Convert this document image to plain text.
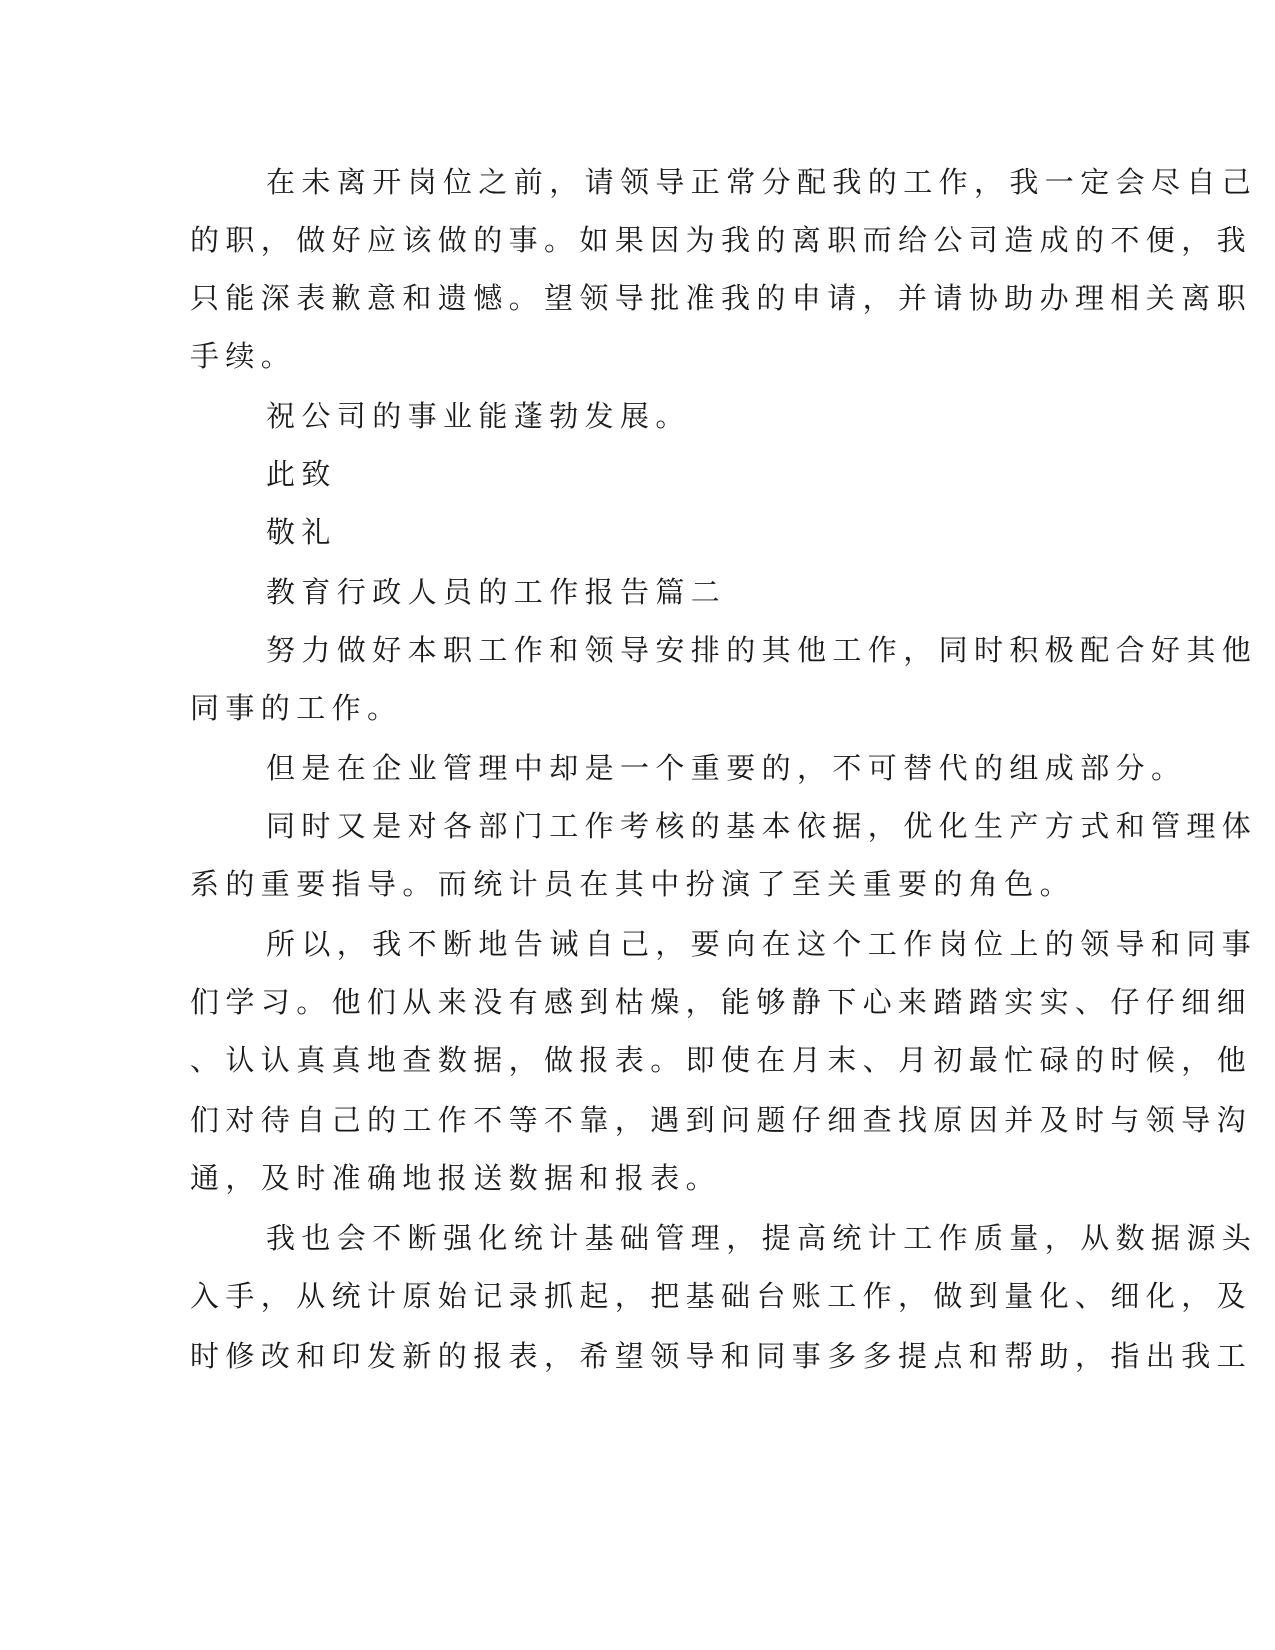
在未离开岗位之前，请领导正常分配我的工作，我一定会尽自己

的职，做好应该做的事。如果因为我的离职而给公司造成的不便，我

只能深表歉意和遗憾。望领导批准我的申请，并请协助办理相关离职

手续。

祝公司的事业能蓬勃发展。

此致

敬礼

教育行政人员的工作报告篇二

努力做好本职工作和领导安排的其他工作，同时积极配合好其他

同事的工作。

但是在企业管理中却是一个重要的，不可替代的组成部分。

同时又是对各部门工作考核的基本依据，优化生产方式和管理体

系的重要指导。而统计员在其中扮演了至关重要的角色。

所以，我不断地告诫自己，要向在这个工作岗位上的领导和同事

们学习。他们从来没有感到枯燥，能够静下心来踏踏实实、仔仔细细

、认认真真地查数据，做报表。即使在月末、月初最忙碌的时候，他

们对待自己的工作不等不靠，遇到问题仔细查找原因并及时与领导沟

通，及时准确地报送数据和报表。

我也会不断强化统计基础管理，提高统计工作质量，从数据源头

入手，从统计原始记录抓起，把基础台账工作，做到量化、细化，及

时修改和印发新的报表，希望领导和同事多多提点和帮助，指出我工
